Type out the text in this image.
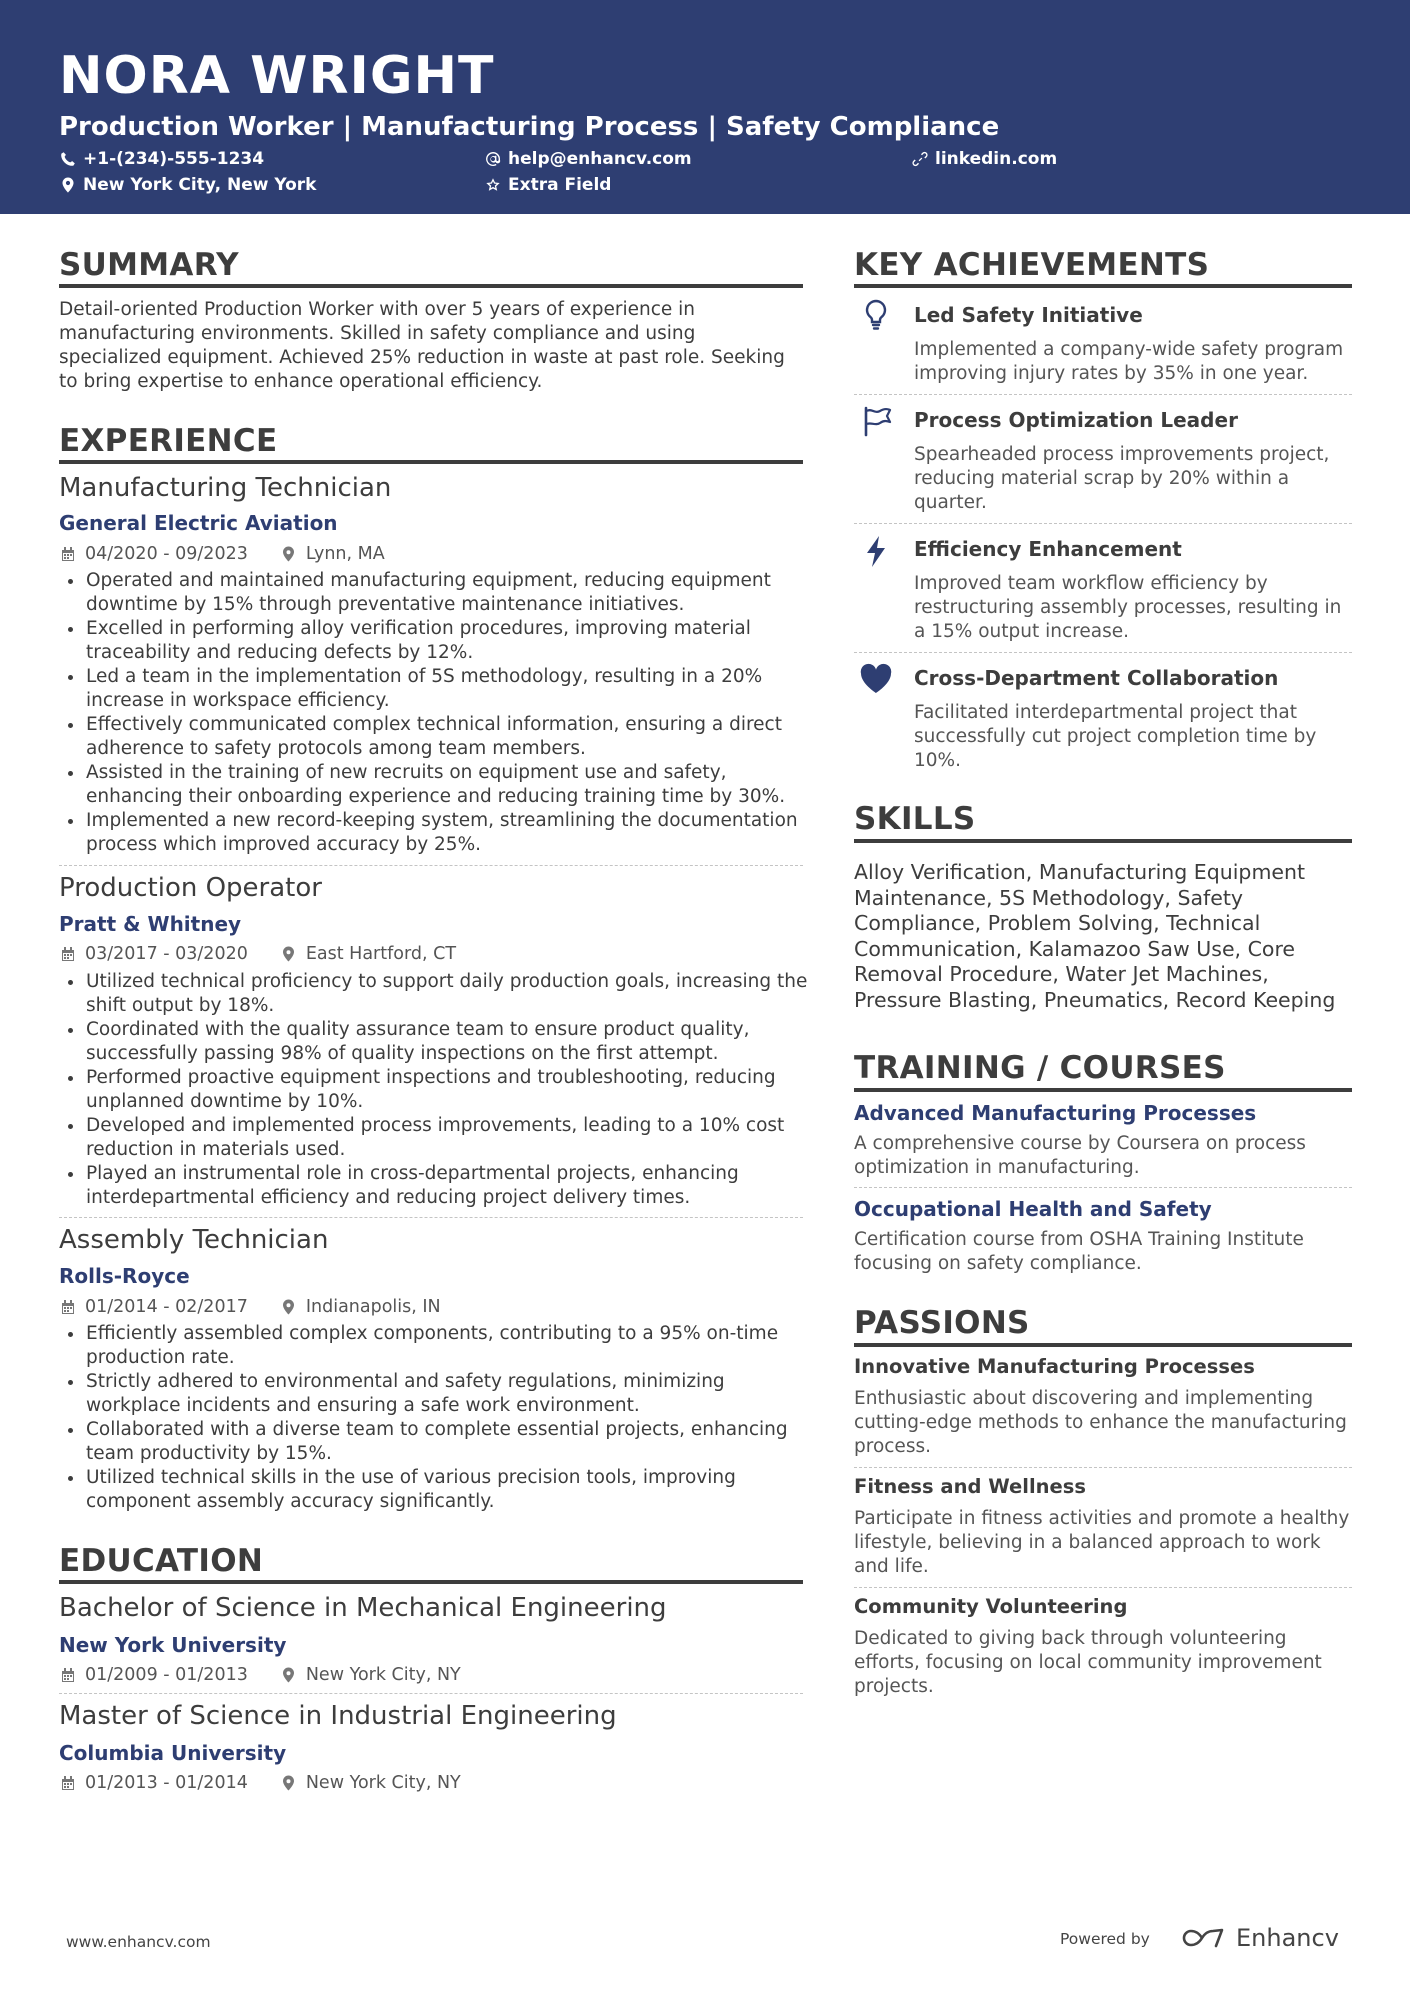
NORA WRIGHT
Production Worker | Manufacturing Process | Safety Compliance
+1-(234)-555-1234	help@enhancv.com	linkedin.com
New York City, New York	Extra Field
SUMMARY
Detail-oriented Production Worker with over 5 years of experience in manufacturing environments. Skilled in safety compliance and using specialized equipment. Achieved 25% reduction in waste at past role. Seeking to bring expertise to enhance operational efficiency.
EXPERIENCE
Manufacturing Technician
General Electric Aviation
04/2020 - 09/2023	Lynn, MA
Operated and maintained manufacturing equipment, reducing equipment downtime by 15% through preventative maintenance initiatives.
Excelled in performing alloy verification procedures, improving material traceability and reducing defects by 12%.
Led a team in the implementation of 5S methodology, resulting in a 20% increase in workspace efficiency.
Effectively communicated complex technical information, ensuring a direct adherence to safety protocols among team members.
Assisted in the training of new recruits on equipment use and safety, enhancing their onboarding experience and reducing training time by 30%.
Implemented a new record-keeping system, streamlining the documentation process which improved accuracy by 25%.
Production Operator
Pratt & Whitney
03/2017 - 03/2020	East Hartford, CT
Utilized technical proficiency to support daily production goals, increasing the shift output by 18%.
Coordinated with the quality assurance team to ensure product quality, successfully passing 98% of quality inspections on the first attempt.
Performed proactive equipment inspections and troubleshooting, reducing unplanned downtime by 10%.
Developed and implemented process improvements, leading to a 10% cost reduction in materials used.
Played an instrumental role in cross-departmental projects, enhancing interdepartmental efficiency and reducing project delivery times.
Assembly Technician
Rolls-Royce
01/2014 - 02/2017	Indianapolis, IN
Efficiently assembled complex components, contributing to a 95% on-time production rate.
Strictly adhered to environmental and safety regulations, minimizing workplace incidents and ensuring a safe work environment.
Collaborated with a diverse team to complete essential projects, enhancing team productivity by 15%.
Utilized technical skills in the use of various precision tools, improving component assembly accuracy significantly.
EDUCATION
Bachelor of Science in Mechanical Engineering
New York University
01/2009 - 01/2013	New York City, NY
Master of Science in Industrial Engineering
Columbia University
01/2013 - 01/2014	New York City, NY
KEY ACHIEVEMENTS
Led Safety Initiative
Implemented a company-wide safety program improving injury rates by 35% in one year.
Process Optimization Leader
Spearheaded process improvements project, reducing material scrap by 20% within a quarter.
Efficiency Enhancement
Improved team workflow efficiency by restructuring assembly processes, resulting in a 15% output increase.
Cross-Department Collaboration
Facilitated interdepartmental project that successfully cut project completion time by 10%.
SKILLS
Alloy Verification, Manufacturing Equipment Maintenance, 5S Methodology, Safety Compliance, Problem Solving, Technical Communication, Kalamazoo Saw Use, Core Removal Procedure, Water Jet Machines, Pressure Blasting, Pneumatics, Record Keeping
TRAINING / COURSES
Advanced Manufacturing Processes
A comprehensive course by Coursera on process optimization in manufacturing.
Occupational Health and Safety
Certification course from OSHA Training Institute focusing on safety compliance.
PASSIONS
Innovative Manufacturing Processes
Enthusiastic about discovering and implementing cutting-edge methods to enhance the manufacturing process.
Fitness and Wellness
Participate in fitness activities and promote a healthy lifestyle, believing in a balanced approach to work and life.
Community Volunteering
Dedicated to giving back through volunteering efforts, focusing on local community improvement projects.
www.enhancv.com	Powered by	Enhancv
